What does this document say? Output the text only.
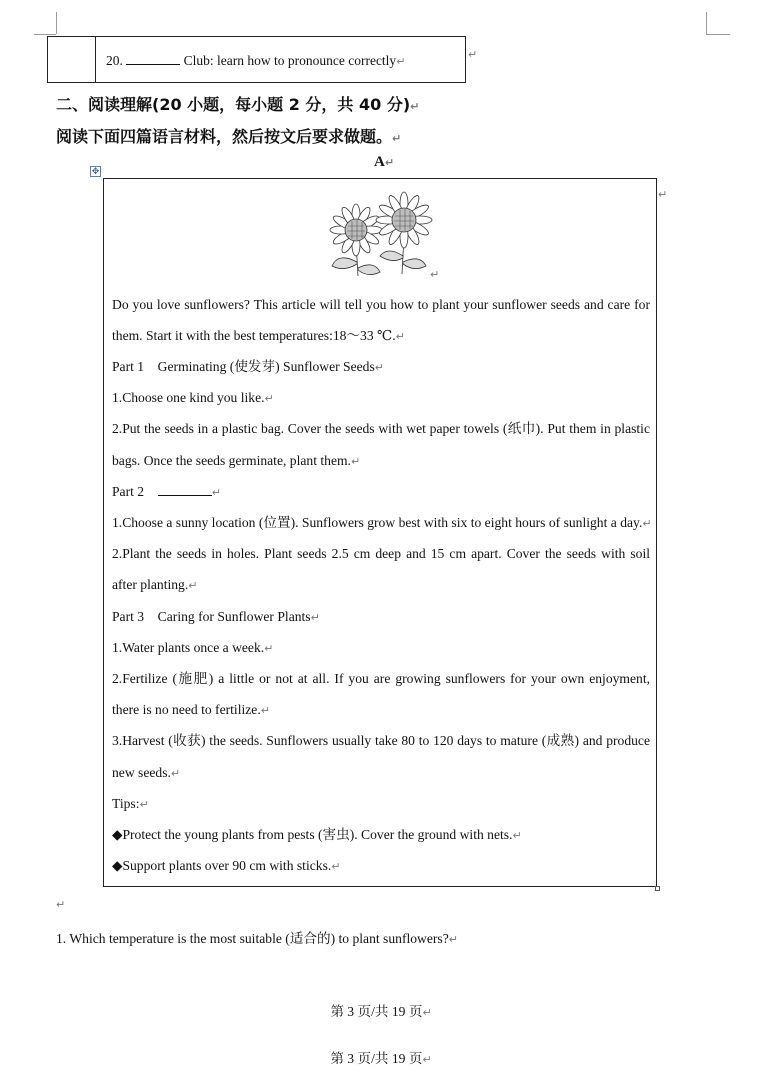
20.	Club: learn how to pronounce correctly↵
↵
二、阅读理解(20 小题，每小题 2 分，共 40 分)↵
阅读下面四篇语言材料，然后按文后要求做题。↵
A↵
✥
↵
↵
Do you love sunflowers? This article will tell you how to plant your sunflower seeds and care for
them. Start it with the best temperatures:18～33 ℃.↵
Part 1    Germinating (使发芽) Sunflower Seeds↵
1.Choose one kind you like.↵
2.Put the seeds in a plastic bag. Cover the seeds with wet paper towels (纸巾). Put them in plastic
bags. Once the seeds germinate, plant them.↵
Part 2	↵
1.Choose a sunny location (位置). Sunflowers grow best with six to eight hours of sunlight a day.↵
2.Plant the seeds in holes. Plant seeds 2.5 cm deep and 15 cm apart. Cover the seeds with soil
after planting.↵
Part 3    Caring for Sunflower Plants↵
1.Water plants once a week.↵
2.Fertilize (施肥) a little or not at all. If you are growing sunflowers for your own enjoyment,
there is no need to fertilize.↵
3.Harvest (收获) the seeds. Sunflowers usually take 80 to 120 days to mature (成熟) and produce
new seeds.↵
Tips:↵
◆Protect the young plants from pests (害虫). Cover the ground with nets.↵
◆Support plants over 90 cm with sticks.↵
↵
1. Which temperature is the most suitable (适合的) to plant sunflowers?↵
第 3 页/共 19 页↵
第 3 页/共 19 页↵
